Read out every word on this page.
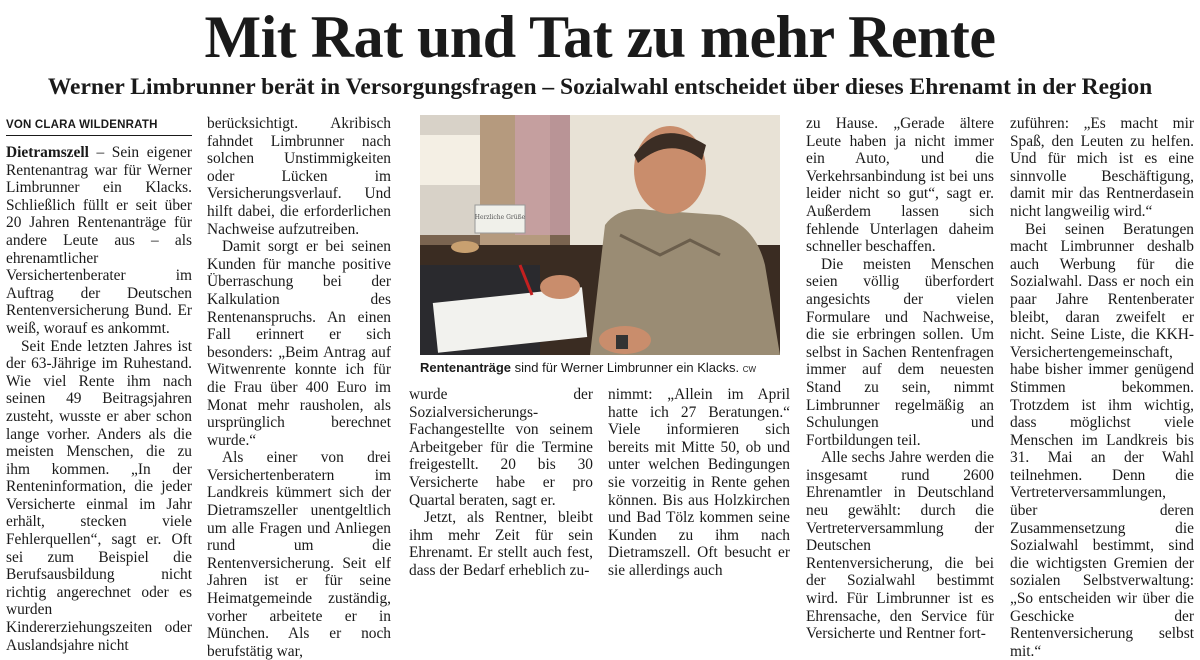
Mit Rat und Tat zu mehr Rente
Werner Limbrunner berät in Versorgungsfragen – Sozialwahl entscheidet über dieses Ehrenamt in der Region
VON CLARA WILDENRATH

Dietramszell – Sein eigener Rentenantrag war für Werner Limbrunner ein Klacks. Schließlich füllt er seit über 20 Jahren Rentenanträge für andere Leute aus – als ehrenamtlicher Versichertenberater im Auftrag der Deutschen Rentenversicherung Bund. Er weiß, worauf es ankommt.

Seit Ende letzten Jahres ist der 63-Jährige im Ruhestand. Wie viel Rente ihm nach seinen 49 Beitragsjahren zusteht, wusste er aber schon lange vorher. Anders als die meisten Menschen, die zu ihm kommen. „In der Renteninformation, die jeder Versicherte einmal im Jahr erhält, stecken viele Fehlerquellen“, sagt er. Oft sei zum Beispiel die Berufsausbildung nicht richtig angerechnet oder es wurden Kindererziehungszeiten oder Auslandsjahre nicht

berücksichtigt. Akribisch fahndet Limbrunner nach solchen Unstimmigkeiten oder Lücken im Versicherungsverlauf. Und hilft dabei, die erforderlichen Nachweise aufzutreiben.

Damit sorgt er bei seinen Kunden für manche positive Überraschung bei der Kalkulation des Rentenanspruchs. An einen Fall erinnert er sich besonders: „Beim Antrag auf Witwenrente konnte ich für die Frau über 400 Euro im Monat mehr rausholen, als ursprünglich berechnet wurde.“

Als einer von drei Versichertenberatern im Landkreis kümmert sich der Dietramszeller unentgeltlich um alle Fragen und Anliegen rund um die Rentenversicherung. Seit elf Jahren ist er für seine Heimatgemeinde zuständig, vorher arbeitete er in München. Als er noch berufstätig war,

Herzliche Grüße
Rentenanträge sind für Werner Limbrunner ein Klacks. CW

wurde der Sozialversicherungs-Fachangestellte von seinem Arbeitgeber für die Termine freigestellt. 20 bis 30 Versicherte habe er pro Quartal beraten, sagt er.

Jetzt, als Rentner, bleibt ihm mehr Zeit für sein Ehrenamt. Er stellt auch fest, dass der Bedarf erheblich zu-

nimmt: „Allein im April hatte ich 27 Beratungen.“ Viele informieren sich bereits mit Mitte 50, ob und unter welchen Bedingungen sie vorzeitig in Rente gehen können. Bis aus Holzkirchen und Bad Tölz kommen seine Kunden zu ihm nach Dietramszell. Oft besucht er sie allerdings auch

zu Hause. „Gerade ältere Leute haben ja nicht immer ein Auto, und die Verkehrsanbindung ist bei uns leider nicht so gut“, sagt er. Außerdem lassen sich fehlende Unterlagen daheim schneller beschaffen.

Die meisten Menschen seien völlig überfordert angesichts der vielen Formulare und Nachweise, die sie erbringen sollen. Um selbst in Sachen Rentenfragen immer auf dem neuesten Stand zu sein, nimmt Limbrunner regelmäßig an Schulungen und Fortbildungen teil.

Alle sechs Jahre werden die insgesamt rund 2600 Ehrenamtler in Deutschland neu gewählt: durch die Vertreterversammlung der Deutschen Rentenversicherung, die bei der Sozialwahl bestimmt wird. Für Limbrunner ist es Ehrensache, den Service für Versicherte und Rentner fort-

zuführen: „Es macht mir Spaß, den Leuten zu helfen. Und für mich ist es eine sinnvolle Beschäftigung, damit mir das Rentnerdasein nicht langweilig wird.“

Bei seinen Beratungen macht Limbrunner deshalb auch Werbung für die Sozialwahl. Dass er noch ein paar Jahre Rentenberater bleibt, daran zweifelt er nicht. Seine Liste, die KKH-Versichertengemeinschaft, habe bisher immer genügend Stimmen bekommen. Trotzdem ist ihm wichtig, dass möglichst viele Menschen im Landkreis bis 31. Mai an der Wahl teilnehmen. Denn die Vertreterversammlungen, über deren Zusammensetzung die Sozialwahl bestimmt, sind die wichtigsten Gremien der sozialen Selbstverwaltung: „So entscheiden wir über die Geschicke der Rentenversicherung selbst mit.“
